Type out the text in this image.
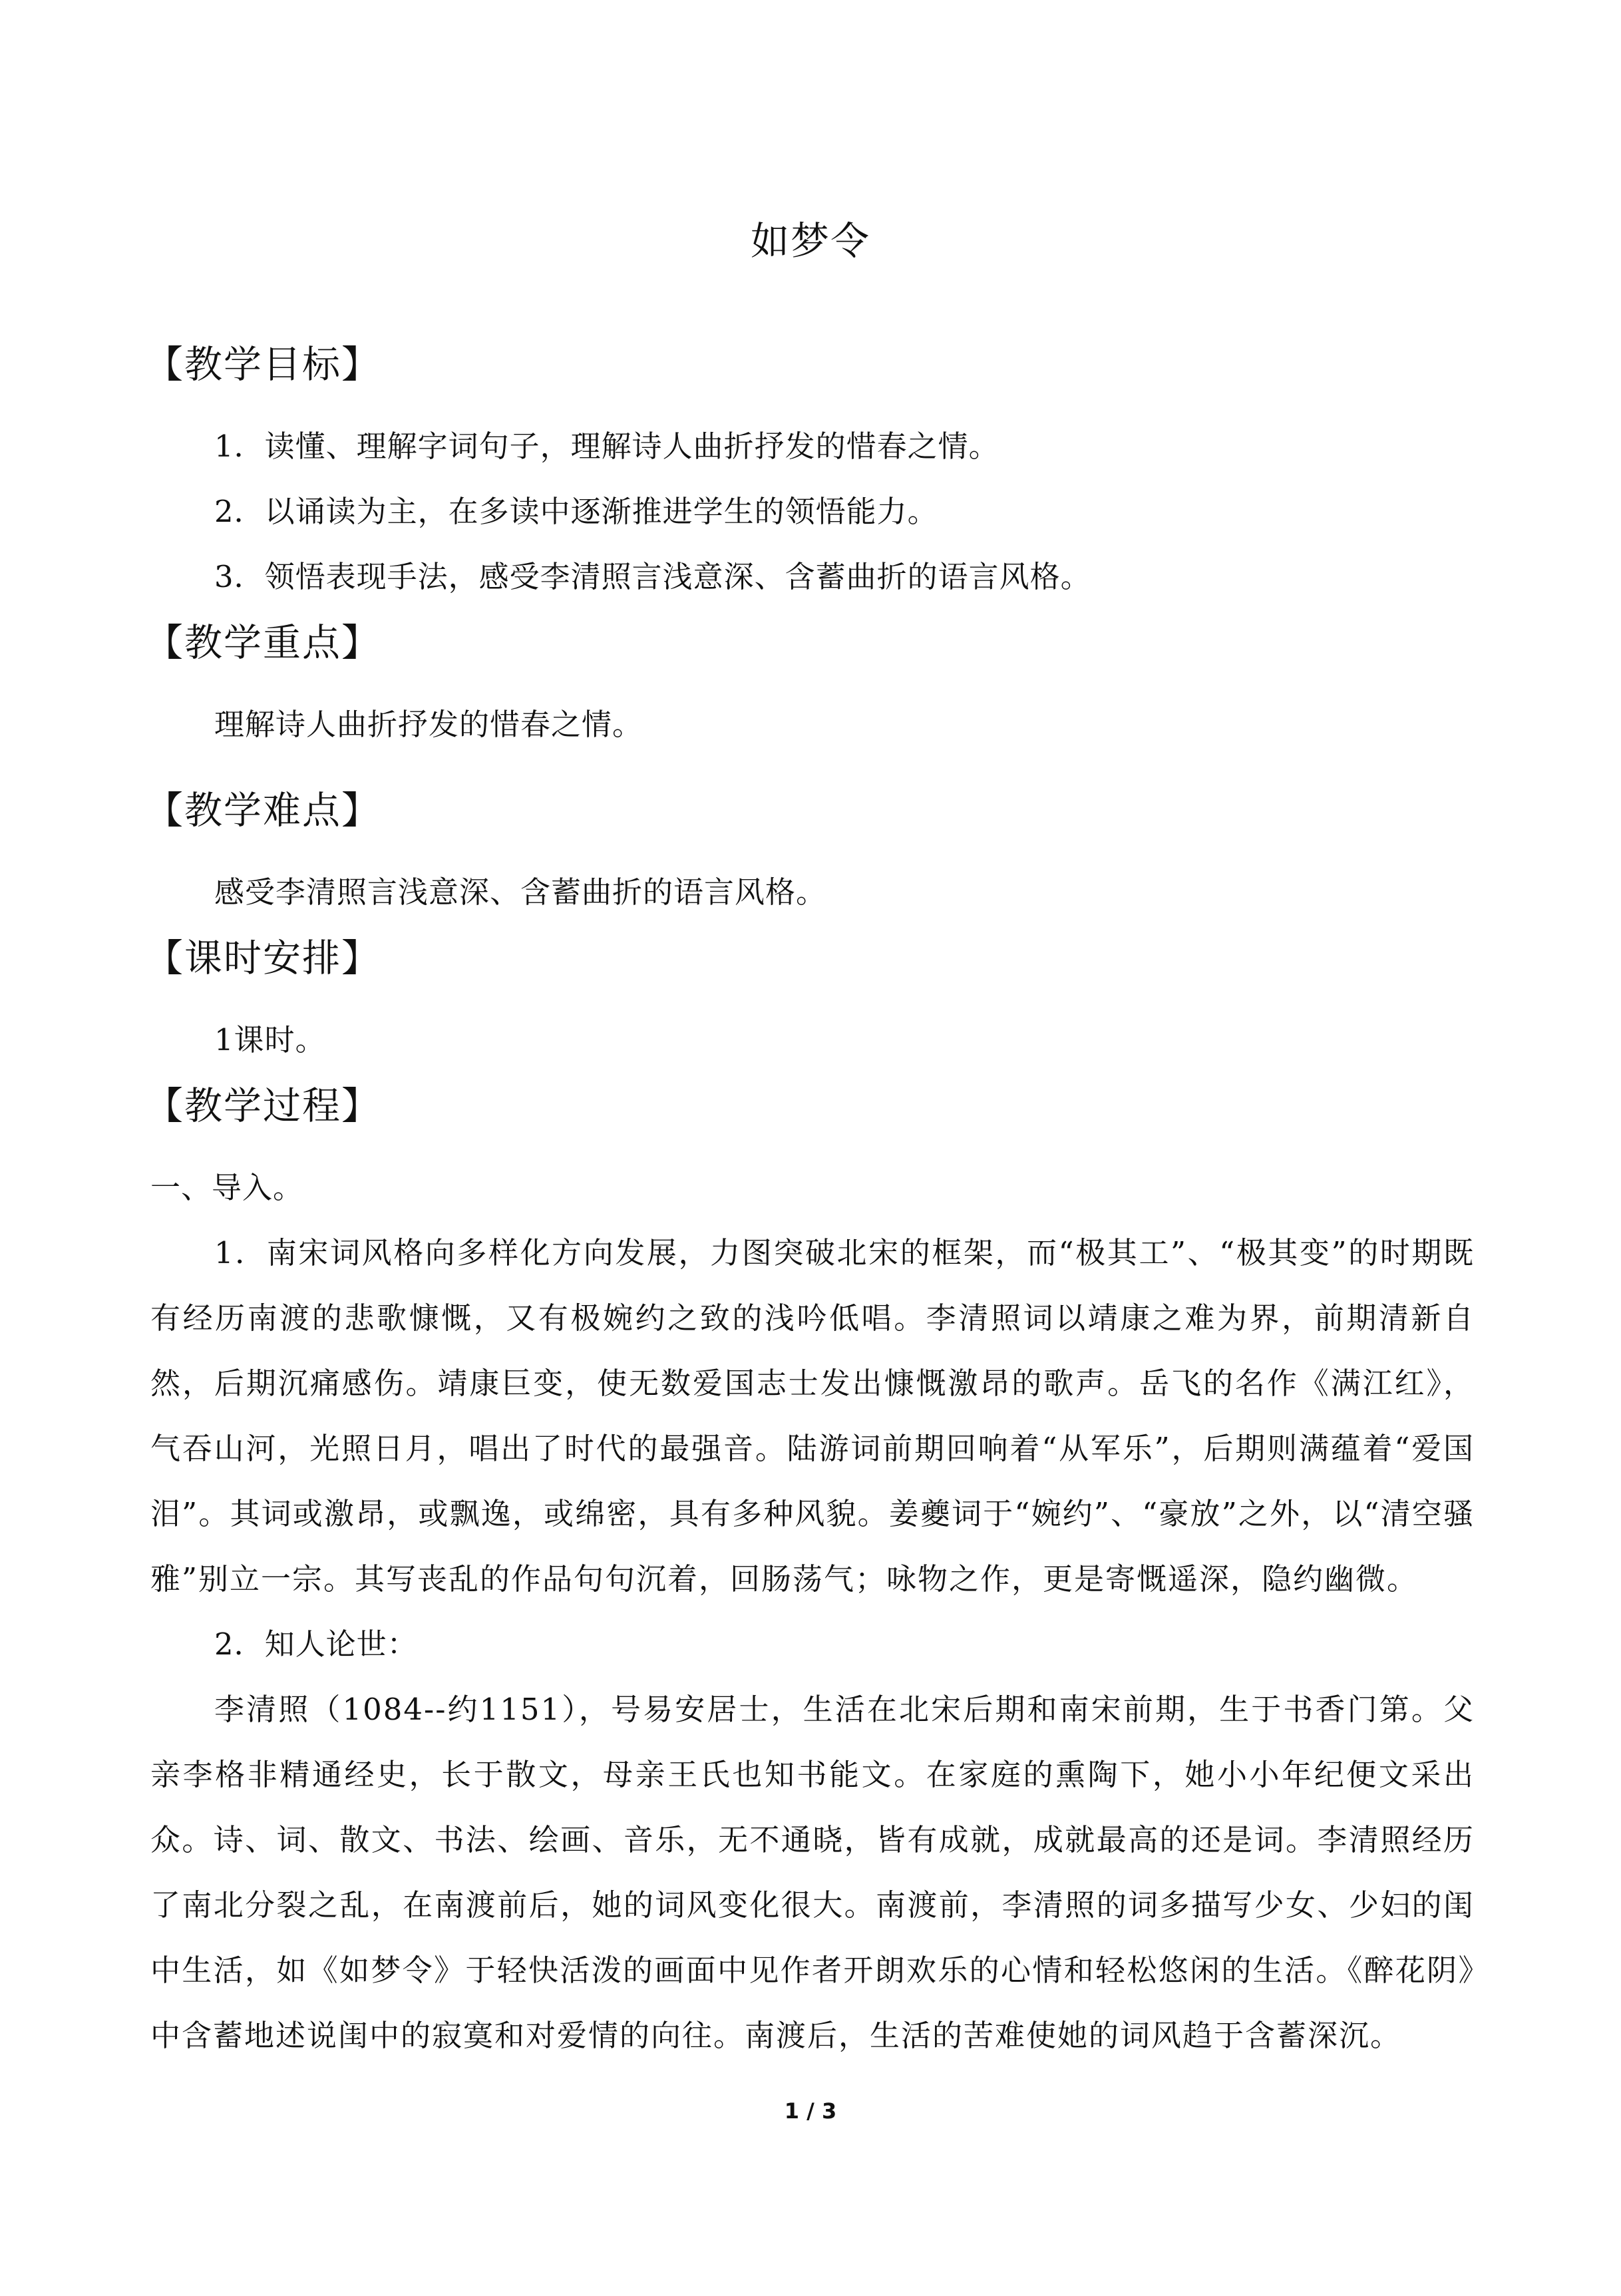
如梦令
【教学目标】
1．读懂、理解字词句子，理解诗人曲折抒发的惜春之情。
2．以诵读为主，在多读中逐渐推进学生的领悟能力。
3．领悟表现手法，感受李清照言浅意深、含蓄曲折的语言风格。
【教学重点】
理解诗人曲折抒发的惜春之情。
【教学难点】
感受李清照言浅意深、含蓄曲折的语言风格。
【课时安排】
1课时。
【教学过程】
一、导入。
1．南宋词风格向多样化方向发展，力图突破北宋的框架，而“极其工”、“极其变”的时期既有经历南渡的悲歌慷慨，又有极婉约之致的浅吟低唱。李清照词以靖康之难为界，前期清新自然，后期沉痛感伤。靖康巨变，使无数爱国志士发出慷慨激昂的歌声。岳飞的名作《满江红》，气吞山河，光照日月，唱出了时代的最强音。陆游词前期回响着“从军乐”，后期则满蕴着“爱国泪”。其词或激昂，或飘逸，或绵密，具有多种风貌。姜夔词于“婉约”、“豪放”之外，以“清空骚雅”别立一宗。其写丧乱的作品句句沉着，回肠荡气；咏物之作，更是寄慨遥深，隐约幽微。
2．知人论世：
李清照（1084--约1151），号易安居士，生活在北宋后期和南宋前期，生于书香门第。父亲李格非精通经史，长于散文，母亲王氏也知书能文。在家庭的熏陶下，她小小年纪便文采出众。诗、词、散文、书法、绘画、音乐，无不通晓，皆有成就，成就最高的还是词。李清照经历了南北分裂之乱，在南渡前后，她的词风变化很大。南渡前，李清照的词多描写少女、少妇的闺中生活，如《如梦令》于轻快活泼的画面中见作者开朗欢乐的心情和轻松悠闲的生活。《醉花阴》中含蓄地述说闺中的寂寞和对爱情的向往。南渡后，生活的苦难使她的词风趋于含蓄深沉。
1 / 3
